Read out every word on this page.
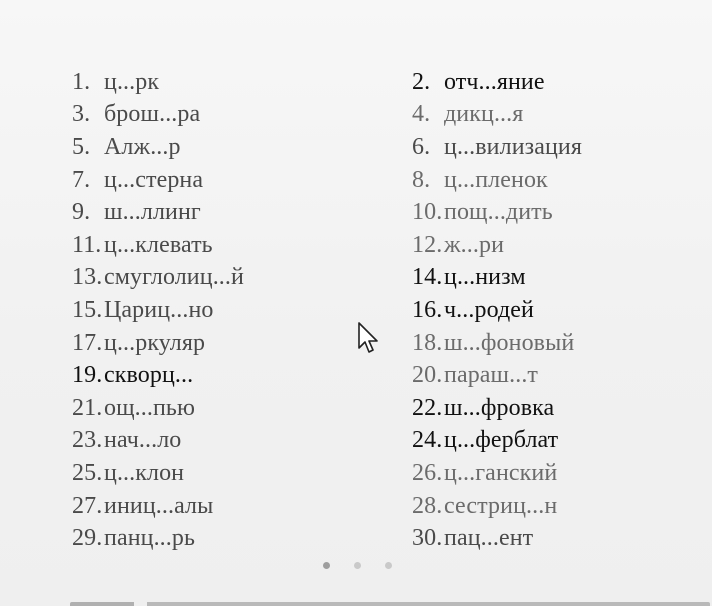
1. ц...рк
3. брош...ра
5. Алж...р
7. ц...стерна
9. ш...ллинг
11. ц...клевать
13. смуглолиц...й
15. Цариц...но
17. ц...ркуляр
19. скворц...
21. ощ...пью
23. нач...ло
25. ц...клон
27. иниц...алы
29. панц...рь
2. отч...яние
4. дикц...я
6. ц...вилизация
8. ц...пленок
10. пощ...дить
12. ж...ри
14. ц...низм
16. ч...родей
18. ш...фоновый
20. параш...т
22. ш...фровка
24. ц...ферблат
26. ц...ганский
28. сестриц...н
30. пац...ент
